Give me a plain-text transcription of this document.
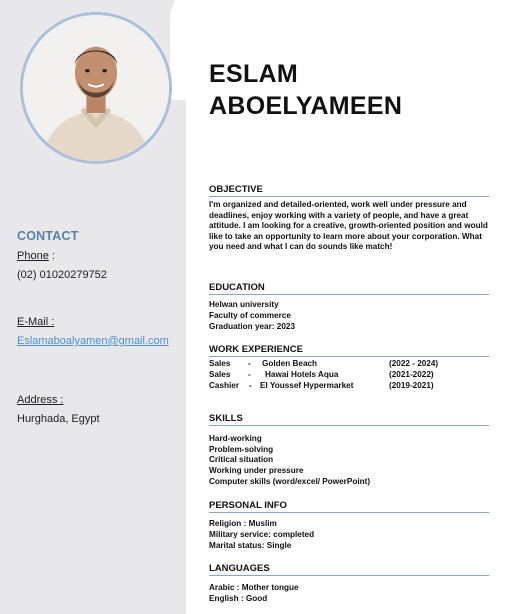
CONTACT
Phone :
(02) 01020279752
E-Mail :
Eslamaboalyamen@gmail.com
Address :
Hurghada, Egypt
ESLAM
ABOELYAMEEN
OBJECTIVE
I'm organized and detailed-oriented, work well under pressure and deadlines, enjoy working with a variety of people, and have a great attitude. I am looking for a creative, growth-oriented position and would like to take an opportunity to learn more about your corporation. What you need and what I can do sounds like match!
EDUCATION
Helwan university
Faculty of commerce
Graduation year: 2023
WORK EXPERIENCE
Sales - Golden Beach	(2022 - 2024)
Sales - Hawai Hotels Aqua	(2021-2022)
Cashier - El Youssef Hypermarket	(2019-2021)
SKILLS
Hard-working
Problem-solving
Critical situation
Working under pressure
Computer skills (word/excel/ PowerPoint)
PERSONAL INFO
Religion : Muslim
Military service: completed
Marital status: Single
LANGUAGES
Arabic : Mother tongue
English : Good
